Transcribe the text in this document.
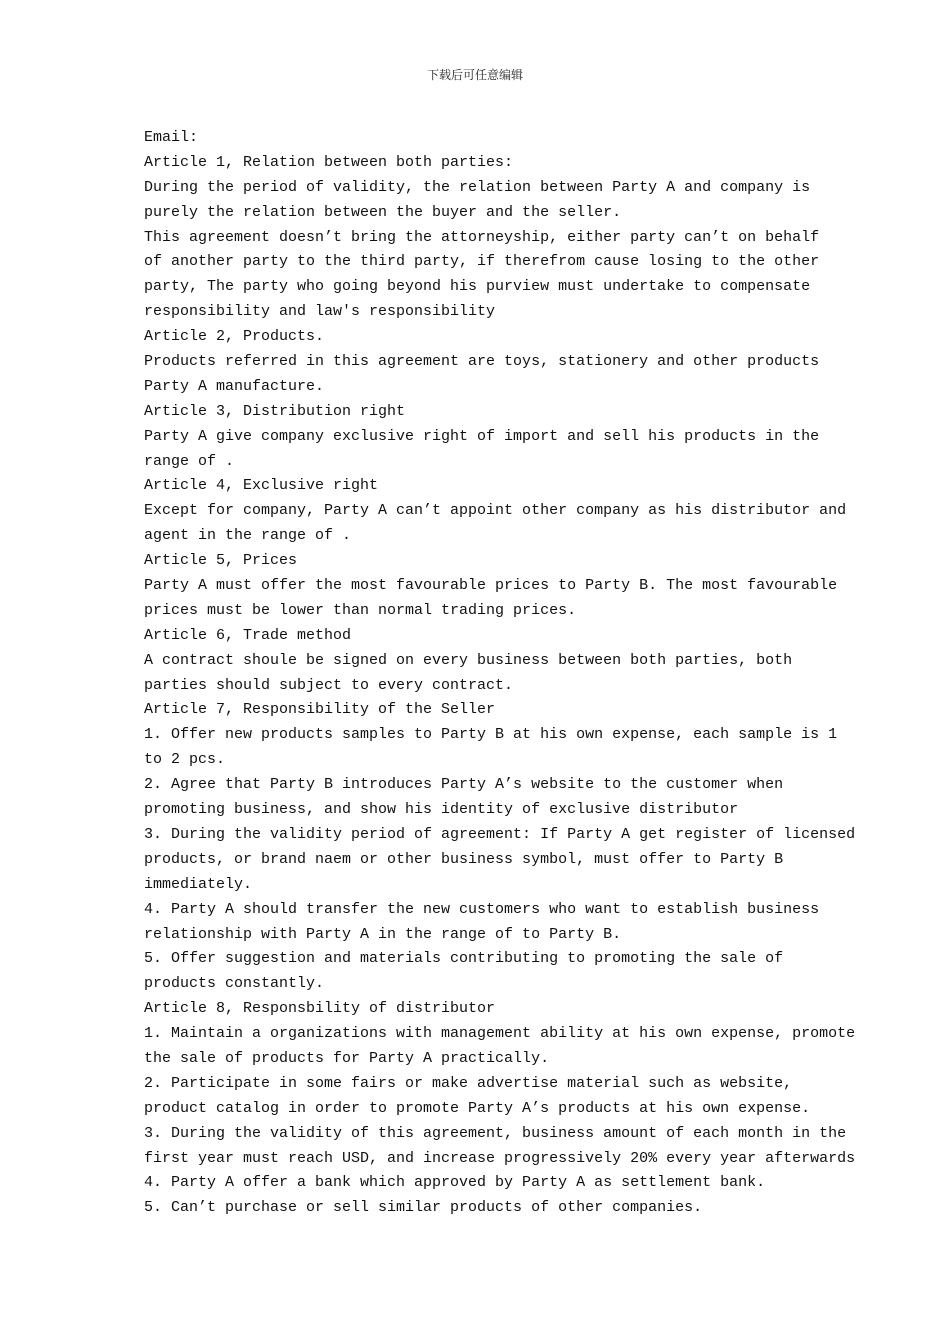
下载后可任意编辑

Email:

Article 1, Relation between both parties:

During the period of validity, the relation between Party A and company is

purely the relation between the buyer and the seller.

This agreement doesn’t bring the attorneyship, either party can’t on behalf

of another party to the third party, if therefrom cause losing to the other

party, The party who going beyond his purview must undertake to compensate

responsibility and law's responsibility

Article 2, Products.

Products referred in this agreement are toys, stationery and other products

Party A manufacture.

Article 3, Distribution right

Party A give company exclusive right of import and sell his products in the

range of .

Article 4, Exclusive right

Except for company, Party A can’t appoint other company as his distributor and

agent in the range of .

Article 5, Prices

Party A must offer the most favourable prices to Party B. The most favourable

prices must be lower than normal trading prices.

Article 6, Trade method

A contract shoule be signed on every business between both parties, both

parties should subject to every contract.

Article 7, Responsibility of the Seller

1. Offer new products samples to Party B at his own expense, each sample is 1

to 2 pcs.

2. Agree that Party B introduces Party A’s website to the customer when

promoting business, and show his identity of exclusive distributor

3. During the validity period of agreement: If Party A get register of licensed

products, or brand naem or other business symbol, must offer to Party B

immediately.

4. Party A should transfer the new customers who want to establish business

relationship with Party A in the range of to Party B.

5. Offer suggestion and materials contributing to promoting the sale of

products constantly.

Article 8, Responsbility of distributor

1. Maintain a organizations with management ability at his own expense, promote

the sale of products for Party A practically.

2. Participate in some fairs or make advertise material such as website,

product catalog in order to promote Party A’s products at his own expense.

3. During the validity of this agreement, business amount of each month in the

first year must reach USD, and increase progressively 20% every year afterwards

4. Party A offer a bank which approved by Party A as settlement bank.

5. Can’t purchase or sell similar products of other companies.
